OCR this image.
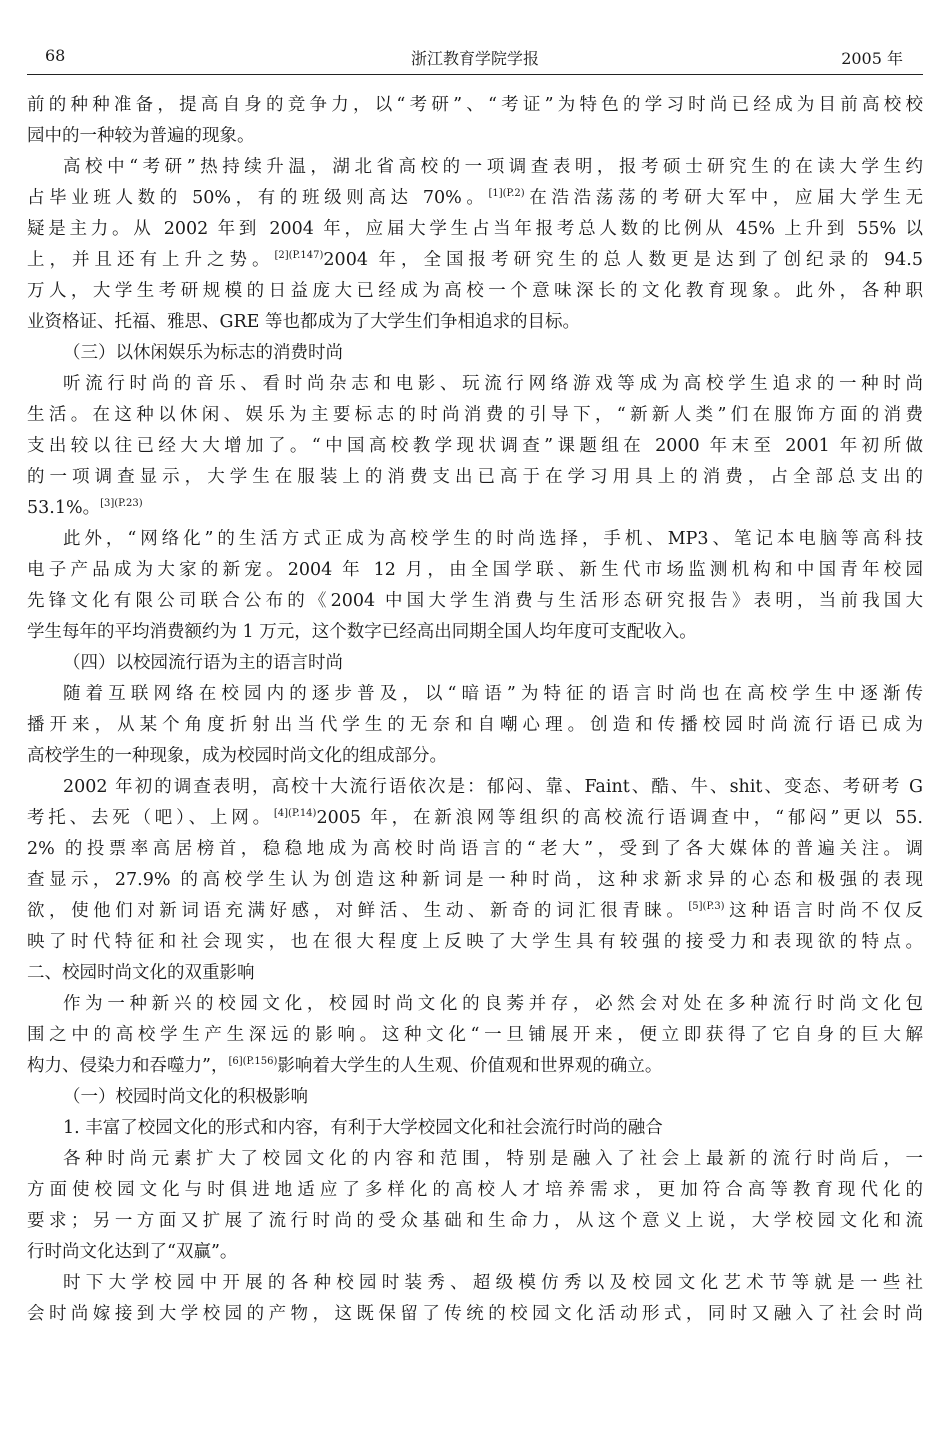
68	浙江教育学院学报	2005 年
前的种种准备，提高自身的竞争力，以“考研”、“考证”为特色的学习时尚已经成为目前高校校
园中的一种较为普遍的现象。
高校中“考研”热持续升温，湖北省高校的一项调查表明，报考硕士研究生的在读大学生约
占毕业班人数的 50%，有的班级则高达 70%。$^{[1](P.2)}$在浩浩荡荡的考研大军中，应届大学生无
疑是主力。从 2002 年到 2004 年，应届大学生占当年报考总人数的比例从 45% 上升到 55% 以
上，并且还有上升之势。$^{[2](P.147)}$2004 年，全国报考研究生的总人数更是达到了创纪录的 94.5
万人，大学生考研规模的日益庞大已经成为高校一个意味深长的文化教育现象。此外，各种职
业资格证、托福、雅思、GRE 等也都成为了大学生们争相追求的目标。
（三）以休闲娱乐为标志的消费时尚
听流行时尚的音乐、看时尚杂志和电影、玩流行网络游戏等成为高校学生追求的一种时尚
生活。在这种以休闲、娱乐为主要标志的时尚消费的引导下，“新新人类”们在服饰方面的消费
支出较以往已经大大增加了。“中国高校教学现状调查”课题组在 2000 年末至 2001 年初所做
的一项调查显示，大学生在服装上的消费支出已高于在学习用具上的消费，占全部总支出的
53.1%。$^{[3](P.23)}$
此外，“网络化”的生活方式正成为高校学生的时尚选择，手机、MP3、笔记本电脑等高科技
电子产品成为大家的新宠。2004 年 12 月，由全国学联、新生代市场监测机构和中国青年校园
先锋文化有限公司联合公布的《2004 中国大学生消费与生活形态研究报告》表明，当前我国大
学生每年的平均消费额约为 1 万元，这个数字已经高出同期全国人均年度可支配收入。
（四）以校园流行语为主的语言时尚
随着互联网络在校园内的逐步普及，以“暗语”为特征的语言时尚也在高校学生中逐渐传
播开来，从某个角度折射出当代学生的无奈和自嘲心理。创造和传播校园时尚流行语已成为
高校学生的一种现象，成为校园时尚文化的组成部分。
2002 年初的调查表明，高校十大流行语依次是：郁闷、靠、Faint、酷、牛、shit、变态、考研考 G
考托、去死（吧）、上网。$^{[4](P.14)}$2005 年，在新浪网等组织的高校流行语调查中，“郁闷”更以 55.
2% 的投票率高居榜首，稳稳地成为高校时尚语言的“老大”，受到了各大媒体的普遍关注。调
查显示，27.9% 的高校学生认为创造这种新词是一种时尚，这种求新求异的心态和极强的表现
欲，使他们对新词语充满好感，对鲜活、生动、新奇的词汇很青睐。$^{[5](P.3)}$这种语言时尚不仅反
映了时代特征和社会现实，也在很大程度上反映了大学生具有较强的接受力和表现欲的特点。
二、校园时尚文化的双重影响
作为一种新兴的校园文化，校园时尚文化的良莠并存，必然会对处在多种流行时尚文化包
围之中的高校学生产生深远的影响。这种文化“一旦铺展开来，便立即获得了它自身的巨大解
构力、侵染力和吞噬力”，$^{[6](P.156)}$影响着大学生的人生观、价值观和世界观的确立。
（一）校园时尚文化的积极影响
1. 丰富了校园文化的形式和内容，有利于大学校园文化和社会流行时尚的融合
各种时尚元素扩大了校园文化的内容和范围，特别是融入了社会上最新的流行时尚后，一
方面使校园文化与时俱进地适应了多样化的高校人才培养需求，更加符合高等教育现代化的
要求；另一方面又扩展了流行时尚的受众基础和生命力，从这个意义上说，大学校园文化和流
行时尚文化达到了“双赢”。
时下大学校园中开展的各种校园时装秀、超级模仿秀以及校园文化艺术节等就是一些社
会时尚嫁接到大学校园的产物，这既保留了传统的校园文化活动形式，同时又融入了社会时尚
